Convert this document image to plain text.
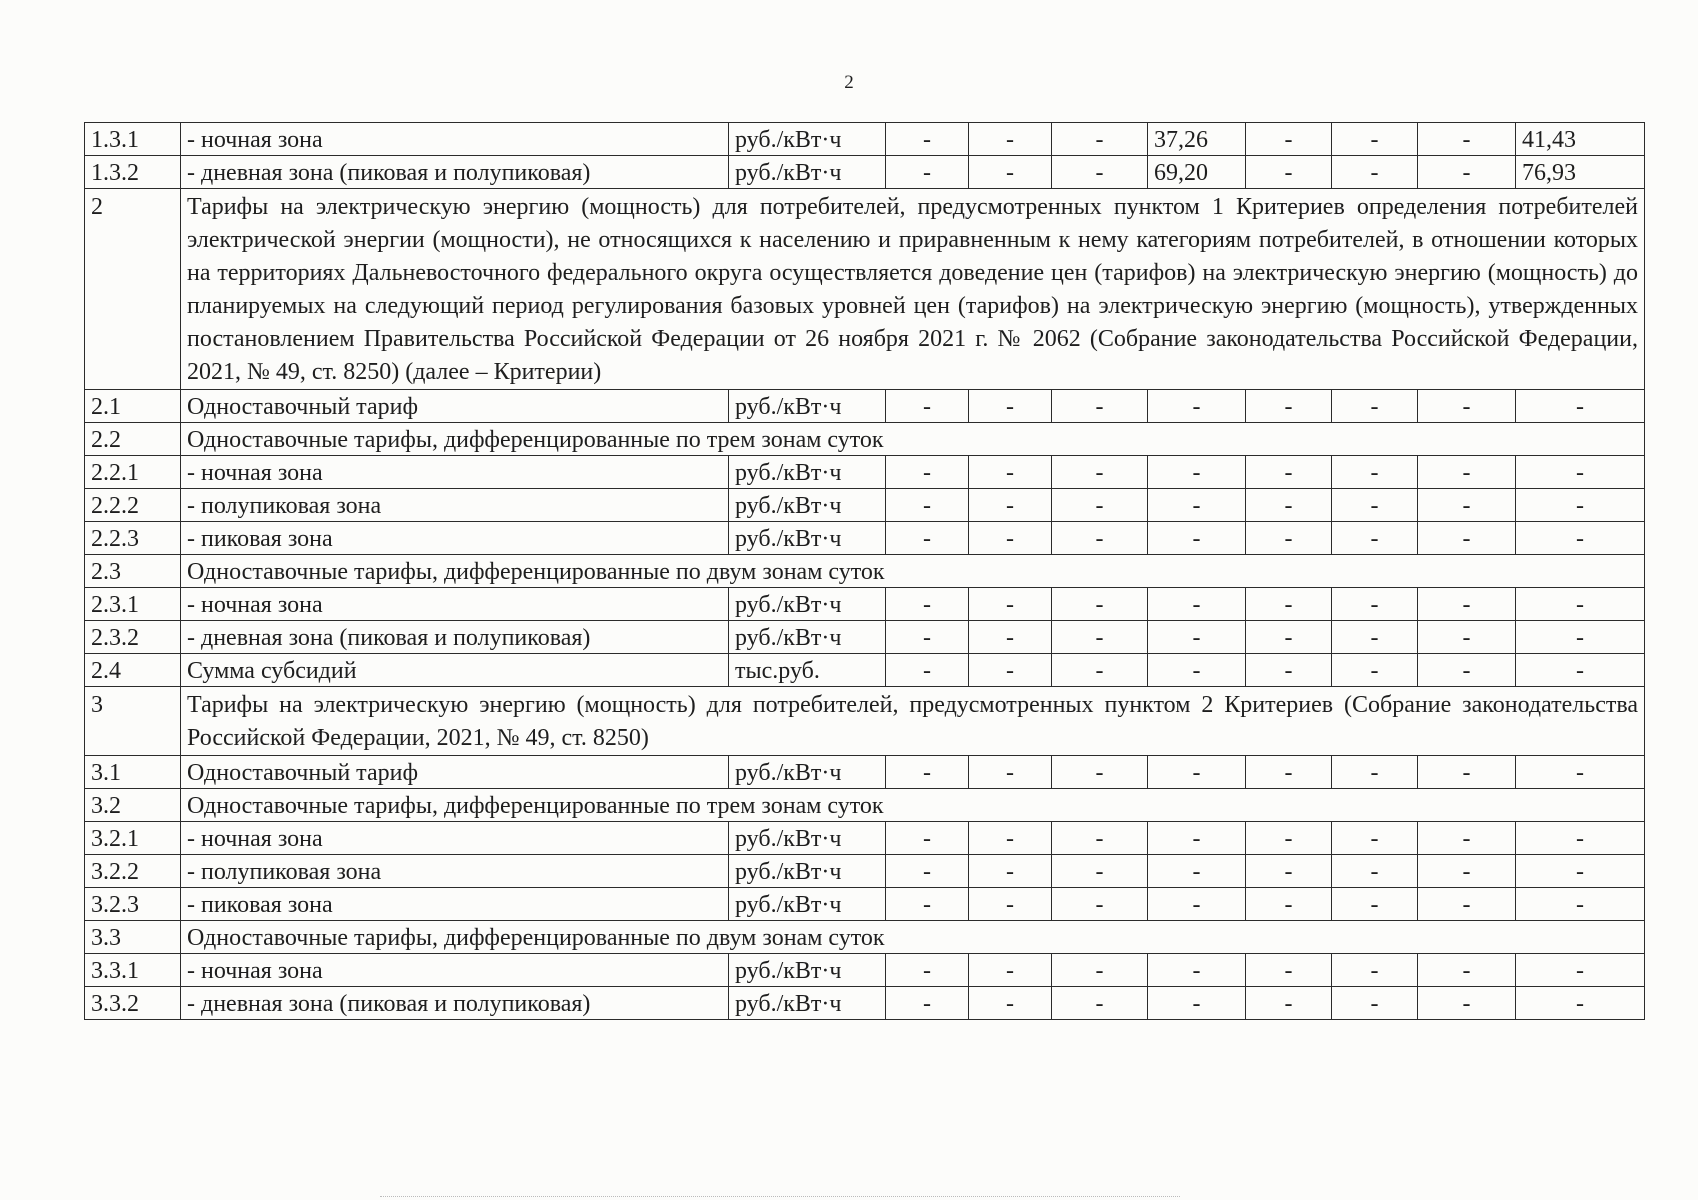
2
1.3.1	- ночная зона	руб./кВт·ч	-	-	-	37,26	-	-	-	41,43
1.3.2	- дневная зона (пиковая и полупиковая)	руб./кВт·ч	-	-	-	69,20	-	-	-	76,93
2	Тарифы на электрическую энергию (мощность) для потребителей, предусмотренных пунктом 1 Критериев определения потребителей электрической энергии (мощности), не относящихся к населению и приравненным к нему категориям потребителей, в отношении которых на территориях Дальневосточного федерального округа осуществляется доведение цен (тарифов) на электрическую энергию (мощность) до планируемых на следующий период регулирования базовых уровней цен (тарифов) на электрическую энергию (мощность), утвержденных постановлением Правительства Российской Федерации от 26 ноября 2021 г. № 2062 (Собрание законодательства Российской Федерации, 2021, № 49, ст. 8250) (далее – Критерии)									
2.1	Одноставочный тариф	руб./кВт·ч	-	-	-	-	-	-	-	-
2.2	Одноставочные тарифы, дифференцированные по трем зонам суток									
2.2.1	- ночная зона	руб./кВт·ч	-	-	-	-	-	-	-	-
2.2.2	- полупиковая зона	руб./кВт·ч	-	-	-	-	-	-	-	-
2.2.3	- пиковая зона	руб./кВт·ч	-	-	-	-	-	-	-	-
2.3	Одноставочные тарифы, дифференцированные по двум зонам суток									
2.3.1	- ночная зона	руб./кВт·ч	-	-	-	-	-	-	-	-
2.3.2	- дневная зона (пиковая и полупиковая)	руб./кВт·ч	-	-	-	-	-	-	-	-
2.4	Сумма субсидий	тыс.руб.	-	-	-	-	-	-	-	-
3	Тарифы на электрическую энергию (мощность) для потребителей, предусмотренных пунктом 2 Критериев (Собрание законодательства Российской Федерации, 2021, № 49, ст. 8250)									
3.1	Одноставочный тариф	руб./кВт·ч	-	-	-	-	-	-	-	-
3.2	Одноставочные тарифы, дифференцированные по трем зонам суток									
3.2.1	- ночная зона	руб./кВт·ч	-	-	-	-	-	-	-	-
3.2.2	- полупиковая зона	руб./кВт·ч	-	-	-	-	-	-	-	-
3.2.3	- пиковая зона	руб./кВт·ч	-	-	-	-	-	-	-	-
3.3	Одноставочные тарифы, дифференцированные по двум зонам суток									
3.3.1	- ночная зона	руб./кВт·ч	-	-	-	-	-	-	-	-
3.3.2	- дневная зона (пиковая и полупиковая)	руб./кВт·ч	-	-	-	-	-	-	-	-
